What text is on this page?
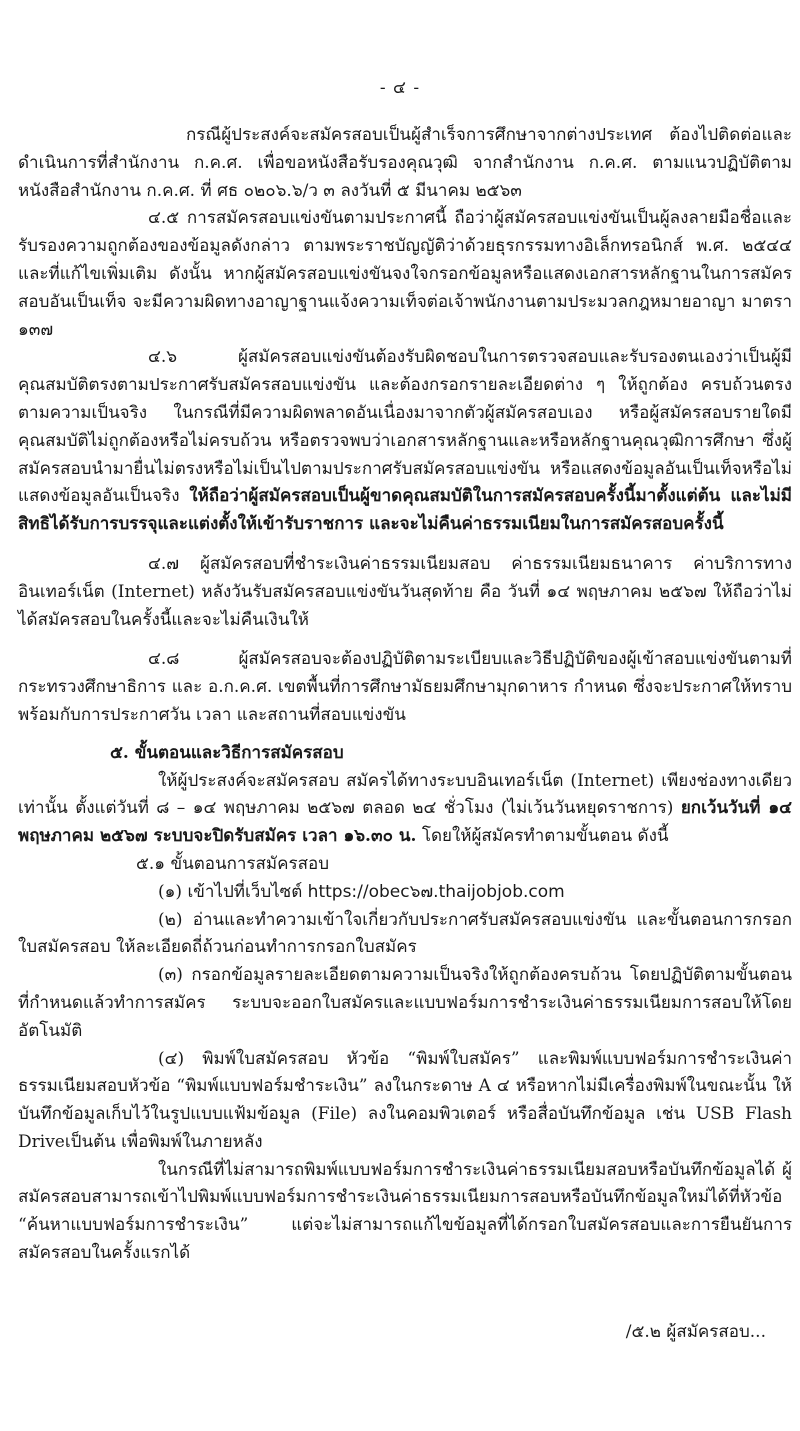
- ๔ -

กรณีผู้ประสงค์จะสมัครสอบเป็นผู้สำเร็จการศึกษาจากต่างประเทศ ต้องไปติดต่อและดำเนินการที่สำนักงาน ก.ค.ศ. เพื่อขอหนังสือรับรองคุณวุฒิ จากสำนักงาน ก.ค.ศ. ตามแนวปฏิบัติตามหนังสือสำนักงาน ก.ค.ศ. ที่ ศธ ๐๒๐๖.๖/ว ๓ ลงวันที่ ๕ มีนาคม ๒๕๖๓

๔.๕ การสมัครสอบแข่งขันตามประกาศนี้ ถือว่าผู้สมัครสอบแข่งขันเป็นผู้ลงลายมือชื่อและรับรองความถูกต้องของข้อมูลดังกล่าว ตามพระราชบัญญัติว่าด้วยธุรกรรมทางอิเล็กทรอนิกส์ พ.ศ. ๒๕๔๔ และที่แก้ไขเพิ่มเติม ดังนั้น หากผู้สมัครสอบแข่งขันจงใจกรอกข้อมูลหรือแสดงเอกสารหลักฐานในการสมัครสอบอันเป็นเท็จ จะมีความผิดทางอาญาฐานแจ้งความเท็จต่อเจ้าพนักงานตามประมวลกฎหมายอาญา มาตรา ๑๓๗

๔.๖ ผู้สมัครสอบแข่งขันต้องรับผิดชอบในการตรวจสอบและรับรองตนเองว่าเป็นผู้มีคุณสมบัติตรงตามประกาศรับสมัครสอบแข่งขัน และต้องกรอกรายละเอียดต่าง ๆ ให้ถูกต้อง ครบถ้วนตรงตามความเป็นจริง ในกรณีที่มีความผิดพลาดอันเนื่องมาจากตัวผู้สมัครสอบเอง หรือผู้สมัครสอบรายใดมีคุณสมบัติไม่ถูกต้องหรือไม่ครบถ้วน หรือตรวจพบว่าเอกสารหลักฐานและหรือหลักฐานคุณวุฒิการศึกษา ซึ่งผู้สมัครสอบนำมายื่นไม่ตรงหรือไม่เป็นไปตามประกาศรับสมัครสอบแข่งขัน หรือแสดงข้อมูลอันเป็นเท็จหรือไม่แสดงข้อมูลอันเป็นจริง ให้ถือว่าผู้สมัครสอบเป็นผู้ขาดคุณสมบัติในการสมัครสอบครั้งนี้มาตั้งแต่ต้น และไม่มีสิทธิได้รับการบรรจุและแต่งตั้งให้เข้ารับราชการ และจะไม่คืนค่าธรรมเนียมในการสมัครสอบครั้งนี้

๔.๗ ผู้สมัครสอบที่ชำระเงินค่าธรรมเนียมสอบ ค่าธรรมเนียมธนาคาร ค่าบริการทางอินเทอร์เน็ต (Internet) หลังวันรับสมัครสอบแข่งขันวันสุดท้าย คือ วันที่ ๑๔ พฤษภาคม ๒๕๖๗ ให้ถือว่าไม่ได้สมัครสอบในครั้งนี้และจะไม่คืนเงินให้

๔.๘ ผู้สมัครสอบจะต้องปฏิบัติตามระเบียบและวิธีปฏิบัติของผู้เข้าสอบแข่งขันตามที่กระทรวงศึกษาธิการ และ อ.ก.ค.ศ. เขตพื้นที่การศึกษามัธยมศึกษามุกดาหาร กำหนด ซึ่งจะประกาศให้ทราบพร้อมกับการประกาศวัน เวลา และสถานที่สอบแข่งขัน

๕. ขั้นตอนและวิธีการสมัครสอบ

ให้ผู้ประสงค์จะสมัครสอบ สมัครได้ทางระบบอินเทอร์เน็ต (Internet) เพียงช่องทางเดียวเท่านั้น ตั้งแต่วันที่ ๘ – ๑๔ พฤษภาคม ๒๕๖๗ ตลอด ๒๔ ชั่วโมง (ไม่เว้นวันหยุดราชการ) ยกเว้นวันที่ ๑๔ พฤษภาคม ๒๕๖๗ ระบบจะปิดรับสมัคร เวลา ๑๖.๓๐ น. โดยให้ผู้สมัครทำตามขั้นตอน ดังนี้

๕.๑ ขั้นตอนการสมัครสอบ

(๑) เข้าไปที่เว็บไซต์ https://obec๖๗.thaijobjob.com

(๒) อ่านและทำความเข้าใจเกี่ยวกับประกาศรับสมัครสอบแข่งขัน และขั้นตอนการกรอกใบสมัครสอบ ให้ละเอียดถี่ถ้วนก่อนทำการกรอกใบสมัคร

(๓) กรอกข้อมูลรายละเอียดตามความเป็นจริงให้ถูกต้องครบถ้วน โดยปฏิบัติตามขั้นตอนที่กำหนดแล้วทำการสมัคร ระบบจะออกใบสมัครและแบบฟอร์มการชำระเงินค่าธรรมเนียมการสอบให้โดยอัตโนมัติ

(๔) พิมพ์ใบสมัครสอบ หัวข้อ “พิมพ์ใบสมัคร” และพิมพ์แบบฟอร์มการชำระเงินค่าธรรมเนียมสอบหัวข้อ “พิมพ์แบบฟอร์มชำระเงิน” ลงในกระดาษ A ๔ หรือหากไม่มีเครื่องพิมพ์ในขณะนั้น ให้บันทึกข้อมูลเก็บไว้ในรูปแบบแฟ้มข้อมูล (File) ลงในคอมพิวเตอร์ หรือสื่อบันทึกข้อมูล เช่น USB Flash Driveเป็นต้น เพื่อพิมพ์ในภายหลัง

ในกรณีที่ไม่สามารถพิมพ์แบบฟอร์มการชำระเงินค่าธรรมเนียมสอบหรือบันทึกข้อมูลได้ ผู้สมัครสอบสามารถเข้าไปพิมพ์แบบฟอร์มการชำระเงินค่าธรรมเนียมการสอบหรือบันทึกข้อมูลใหม่ได้ที่หัวข้อ “ค้นหาแบบฟอร์มการชำระเงิน” แต่จะไม่สามารถแก้ไขข้อมูลที่ได้กรอกใบสมัครสอบและการยืนยันการสมัครสอบในครั้งแรกได้

/๕.๒ ผู้สมัครสอบ...
